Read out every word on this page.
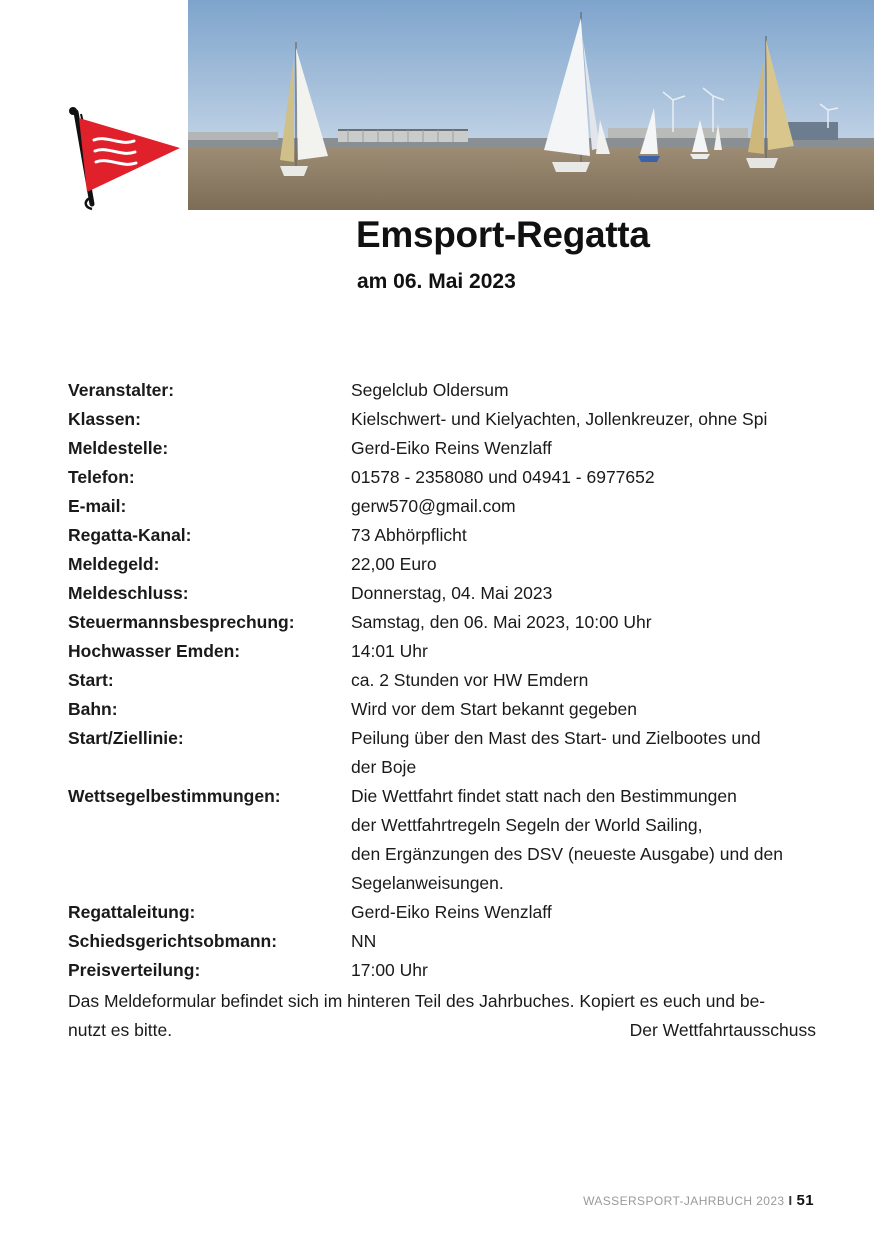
Emsport-Regatta
am 06. Mai 2023
Veranstalter:	Segelclub Oldersum
Klassen:	Kielschwert- und Kielyachten, Jollenkreuzer, ohne Spi
Meldestelle:	Gerd-Eiko Reins Wenzlaff
Telefon:	01578 - 2358080 und 04941 - 6977652
E-mail:	gerw570@gmail.com
Regatta-Kanal:	73 Abhörpflicht
Meldegeld:	22,00 Euro
Meldeschluss:	Donnerstag, 04. Mai 2023
Steuermannsbesprechung:	Samstag, den 06. Mai 2023, 10:00 Uhr
Hochwasser Emden:	14:01 Uhr
Start:	ca. 2 Stunden vor HW Emdern
Bahn:	Wird vor dem Start bekannt gegeben
Start/Ziellinie:	Peilung über den Mast des Start- und Zielbootes und
der Boje
Wettsegelbestimmungen:	Die Wettfahrt findet statt nach den Bestimmungen
der Wettfahrtregeln Segeln der World Sailing,
den Ergänzungen des DSV (neueste Ausgabe) und den
Segelanweisungen.
Regattaleitung:	Gerd-Eiko Reins Wenzlaff
Schiedsgerichtsobmann:	NN
Preisverteilung:	17:00 Uhr
Das Meldeformular befindet sich im hinteren Teil des Jahrbuches. Kopiert es euch und be-
nutzt es bitte.	Der Wettfahrtausschuss
WASSERSPORT-JAHRBUCH 2023 I 51
